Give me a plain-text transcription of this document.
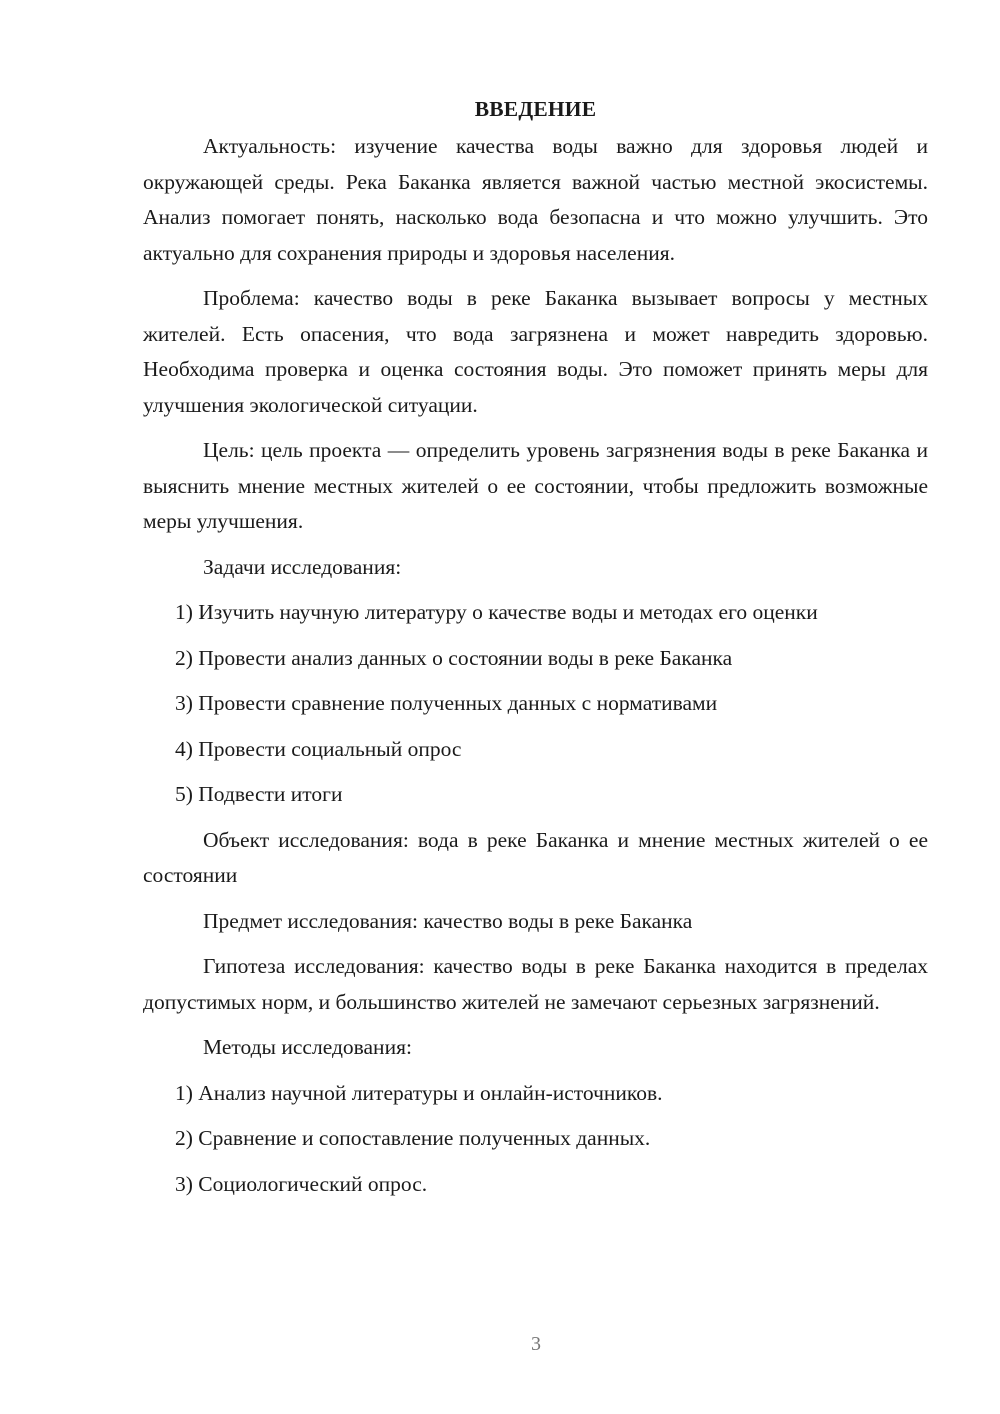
ВВЕДЕНИЕ

Актуальность: изучение качества воды важно для здоровья людей и окружающей среды. Река Баканка является важной частью местной экосистемы. Анализ помогает понять, насколько вода безопасна и что можно улучшить. Это актуально для сохранения природы и здоровья населения.

Проблема: качество воды в реке Баканка вызывает вопросы у местных жителей. Есть опасения, что вода загрязнена и может навредить здоровью. Необходима проверка и оценка состояния воды. Это поможет принять меры для улучшения экологической ситуации.

Цель: цель проекта — определить уровень загрязнения воды в реке Баканка и выяснить мнение местных жителей о ее состоянии, чтобы предложить возможные меры улучшения.

Задачи исследования:

1) Изучить научную литературу о качестве воды и методах его оценки
2) Провести анализ данных о состоянии воды в реке Баканка
3) Провести сравнение полученных данных с нормативами
4) Провести социальный опрос
5) Подвести итоги

Объект исследования: вода в реке Баканка и мнение местных жителей о ее состоянии

Предмет исследования: качество воды в реке Баканка

Гипотеза исследования: качество воды в реке Баканка находится в пределах допустимых норм, и большинство жителей не замечают серьезных загрязнений.

Методы исследования:

1) Анализ научной литературы и онлайн-источников.
2) Сравнение и сопоставление полученных данных.
3) Социологический опрос.
3
